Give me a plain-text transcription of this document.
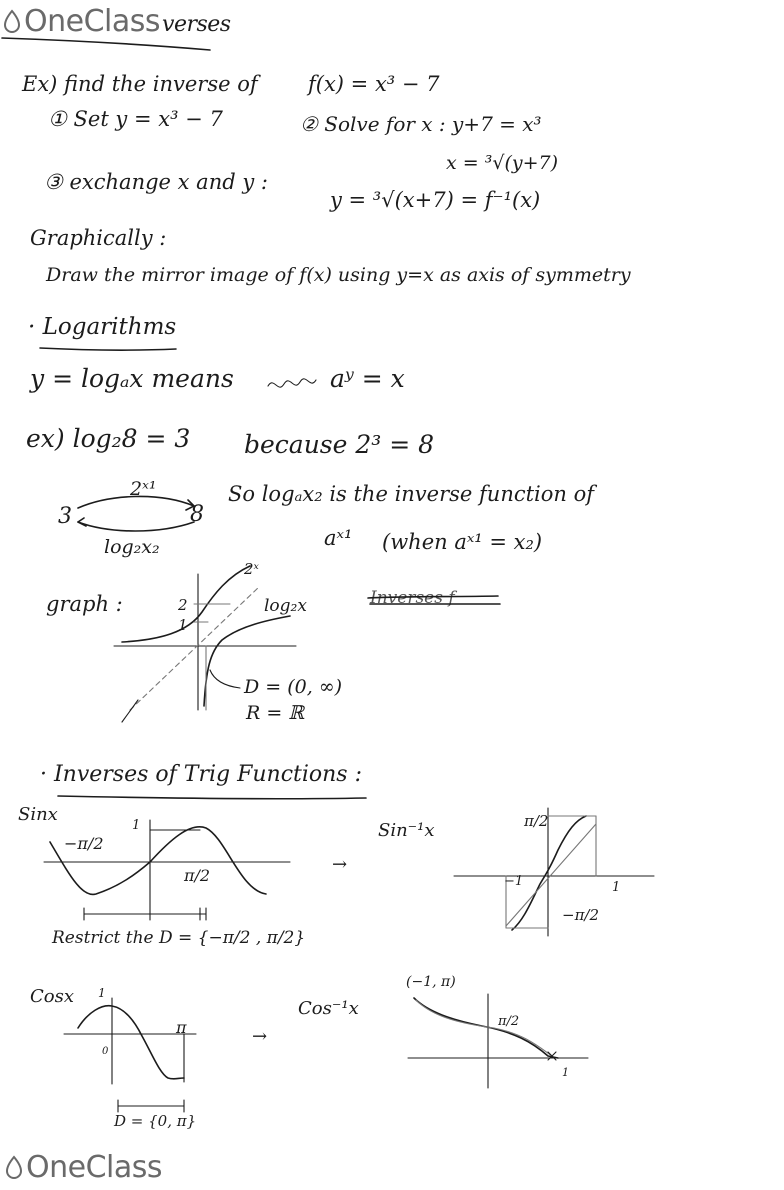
OneClass verses
Ex) find the inverse of f(x) = x³ − 7
① Set y = x³ − 7	② Solve for x : y+7 = x³
x = ³√(y+7)
③ exchange x and y :
y = ³√(x+7) = f⁻¹(x)
Graphically :
Draw the mirror image of f(x) using y=x as axis of symmetry
· Logarithms
y = logₐx means	aʸ = x
ex) log₂8 = 3 because 2³ = 8
3	8
2ˣ¹
log₂x₂
So logₐx₂ is the inverse function of
aˣ¹ (when aˣ¹ = x₂)
graph :
2ˣ
log₂x
2
1
D = (0, ∞)
R = ℝ
Inverses f
· Inverses of Trig Functions :
Sinx
−π/2
π/2
1
→
Restrict the D = {−π/2 , π/2}
Sin⁻¹x	π/2
−π/2
−1	1
Cosx 1
0
π	→
D = {0, π}
Cos⁻¹x
(−1, π)
π/2
1
OneClass
